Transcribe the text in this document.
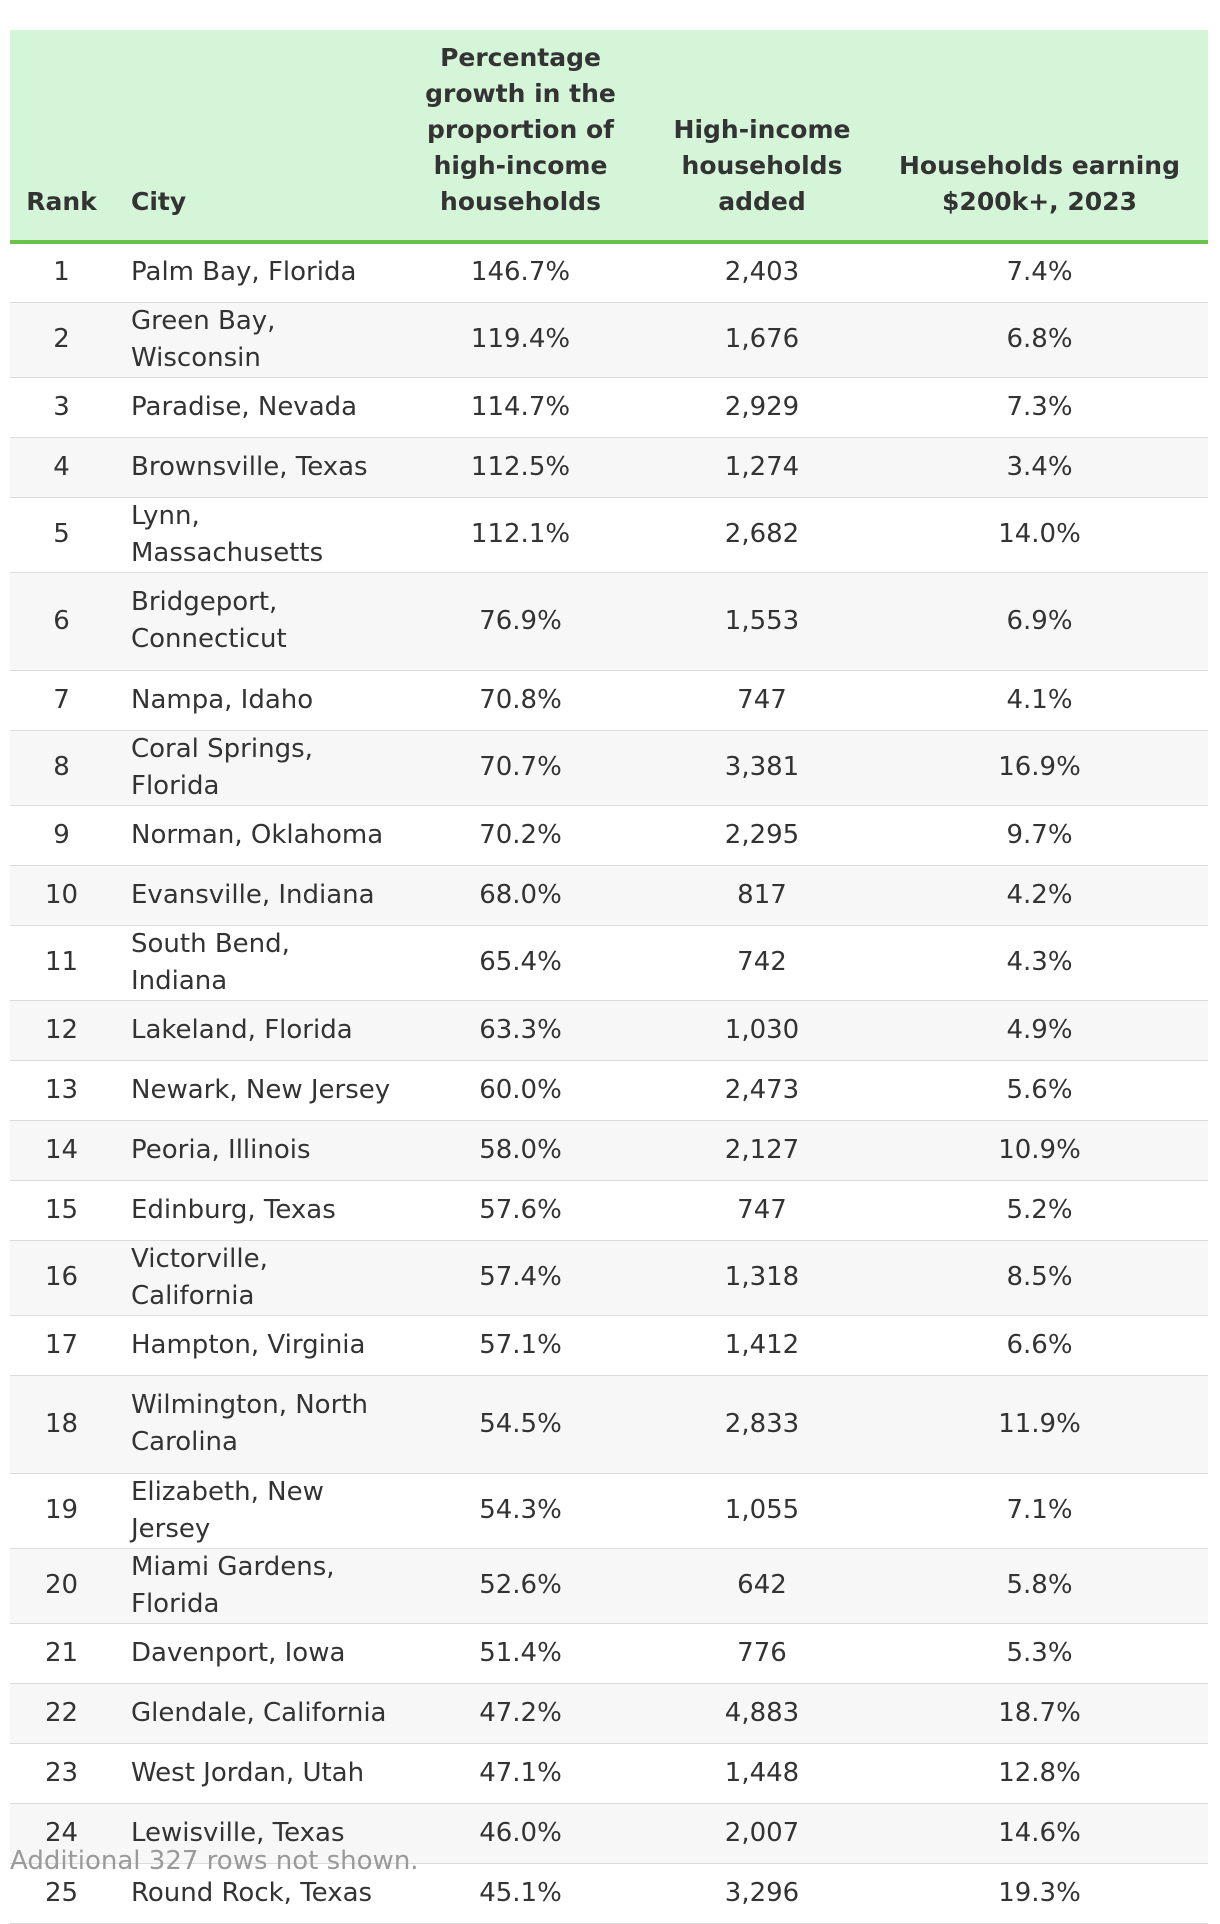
Rank	City	Percentage growth in the proportion of high-income households	High-income households added	Households earning $200k+, 2023
1	Palm Bay, Florida	146.7%	2,403	7.4%
2	Green Bay, Wisconsin	119.4%	1,676	6.8%
3	Paradise, Nevada	114.7%	2,929	7.3%
4	Brownsville, Texas	112.5%	1,274	3.4%
5	Lynn, Massachusetts	112.1%	2,682	14.0%
6	Bridgeport, Connecticut	76.9%	1,553	6.9%
7	Nampa, Idaho	70.8%	747	4.1%
8	Coral Springs, Florida	70.7%	3,381	16.9%
9	Norman, Oklahoma	70.2%	2,295	9.7%
10	Evansville, Indiana	68.0%	817	4.2%
11	South Bend, Indiana	65.4%	742	4.3%
12	Lakeland, Florida	63.3%	1,030	4.9%
13	Newark, New Jersey	60.0%	2,473	5.6%
14	Peoria, Illinois	58.0%	2,127	10.9%
15	Edinburg, Texas	57.6%	747	5.2%
16	Victorville, California	57.4%	1,318	8.5%
17	Hampton, Virginia	57.1%	1,412	6.6%
18	Wilmington, North Carolina	54.5%	2,833	11.9%
19	Elizabeth, New Jersey	54.3%	1,055	7.1%
20	Miami Gardens, Florida	52.6%	642	5.8%
21	Davenport, Iowa	51.4%	776	5.3%
22	Glendale, California	47.2%	4,883	18.7%
23	West Jordan, Utah	47.1%	1,448	12.8%
24	Lewisville, Texas	46.0%	2,007	14.6%
25	Round Rock, Texas	45.1%	3,296	19.3%
Additional 327 rows not shown.
